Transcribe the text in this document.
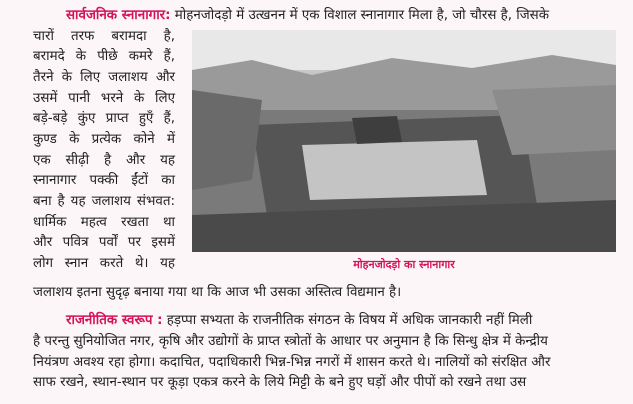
सार्वजनिक स्नानागार: मोहनजोदड़ो में उत्खनन में एक विशाल स्नानागार मिला है, जो चौरस है, जिसके
चारों तरफ बरामदा है,
बरामदे के पीछे कमरे हैं,
तैरने के लिए जलाशय और
उसमें पानी भरने के लिए
बड़े-बड़े कुंए प्राप्त हुएँ हैं,
कुण्ड के प्रत्येक कोने में
एक सीढ़ी है और यह
स्नानागार पक्की ईंटों का
बना है यह जलाशय संभवत:
धार्मिक महत्व रखता था
और पवित्र पर्वों पर इसमें
लोग स्नान करते थे। यह	मोहनजोदड़ो का स्नानागार
जलाशय इतना सुदृढ़ बनाया गया था कि आज भी उसका अस्तित्व विद्यमान है।
राजनीतिक स्वरूप : हड़प्पा सभ्यता के राजनीतिक संगठन के विषय में अधिक जानकारी नहीं मिली
है परन्तु सुनियोजित नगर, कृषि और उद्योगों के प्राप्त स्त्रोतों के आधार पर अनुमान है कि सिन्धु क्षेत्र में केन्द्रीय
नियंत्रण अवश्य रहा होगा। कदाचित, पदाधिकारी भिन्न-भिन्न नगरों में शासन करते थे। नालियों को संरक्षित और
साफ रखने, स्थान-स्थान पर कूड़ा एकत्र करने के लिये मिट्टी के बने हुए घड़ों और पीपों को रखने तथा उस
